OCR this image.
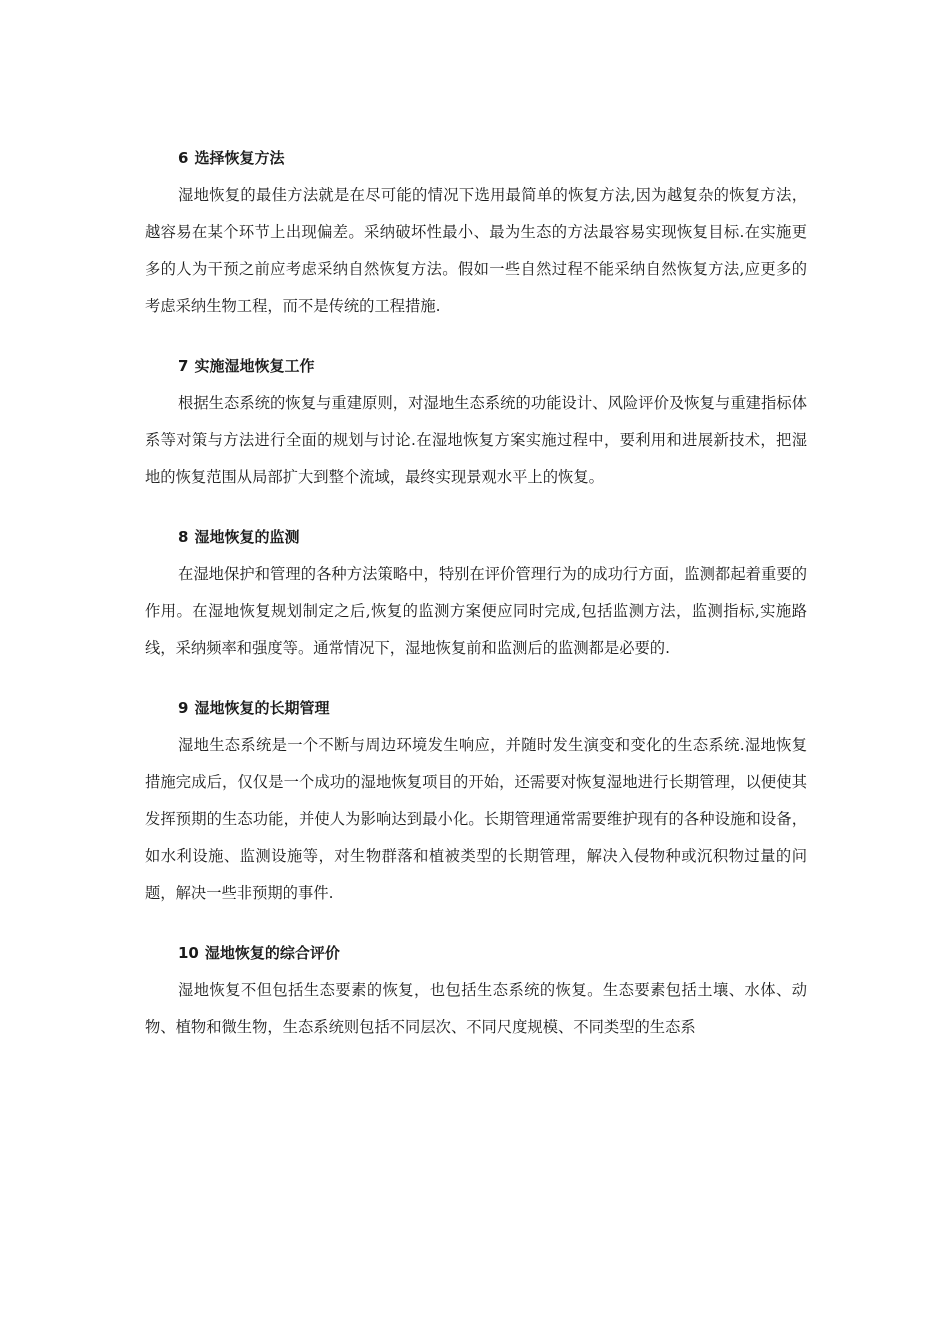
6 选择恢复方法

湿地恢复的最佳方法就是在尽可能的情况下选用最简单的恢复方法,因为越复杂的恢复方法，越容易在某个环节上出现偏差。采纳破坏性最小、最为生态的方法最容易实现恢复目标.在实施更多的人为干预之前应考虑采纳自然恢复方法。假如一些自然过程不能采纳自然恢复方法,应更多的考虑采纳生物工程，而不是传统的工程措施.

7 实施湿地恢复工作

根据生态系统的恢复与重建原则，对湿地生态系统的功能设计、风险评价及恢复与重建指标体系等对策与方法进行全面的规划与讨论.在湿地恢复方案实施过程中，要利用和进展新技术，把湿地的恢复范围从局部扩大到整个流域，最终实现景观水平上的恢复。

8 湿地恢复的监测

在湿地保护和管理的各种方法策略中，特别在评价管理行为的成功行方面，监测都起着重要的作用。在湿地恢复规划制定之后,恢复的监测方案便应同时完成,包括监测方法，监测指标,实施路线，采纳频率和强度等。通常情况下，湿地恢复前和监测后的监测都是必要的.

9 湿地恢复的长期管理

湿地生态系统是一个不断与周边环境发生响应，并随时发生演变和变化的生态系统.湿地恢复措施完成后，仅仅是一个成功的湿地恢复项目的开始，还需要对恢复湿地进行长期管理，以便使其发挥预期的生态功能，并使人为影响达到最小化。长期管理通常需要维护现有的各种设施和设备，如水利设施、监测设施等，对生物群落和植被类型的长期管理，解决入侵物种或沉积物过量的问题，解决一些非预期的事件.

10 湿地恢复的综合评价

湿地恢复不但包括生态要素的恢复，也包括生态系统的恢复。生态要素包括土壤、水体、动物、植物和微生物，生态系统则包括不同层次、不同尺度规模、不同类型的生态系
